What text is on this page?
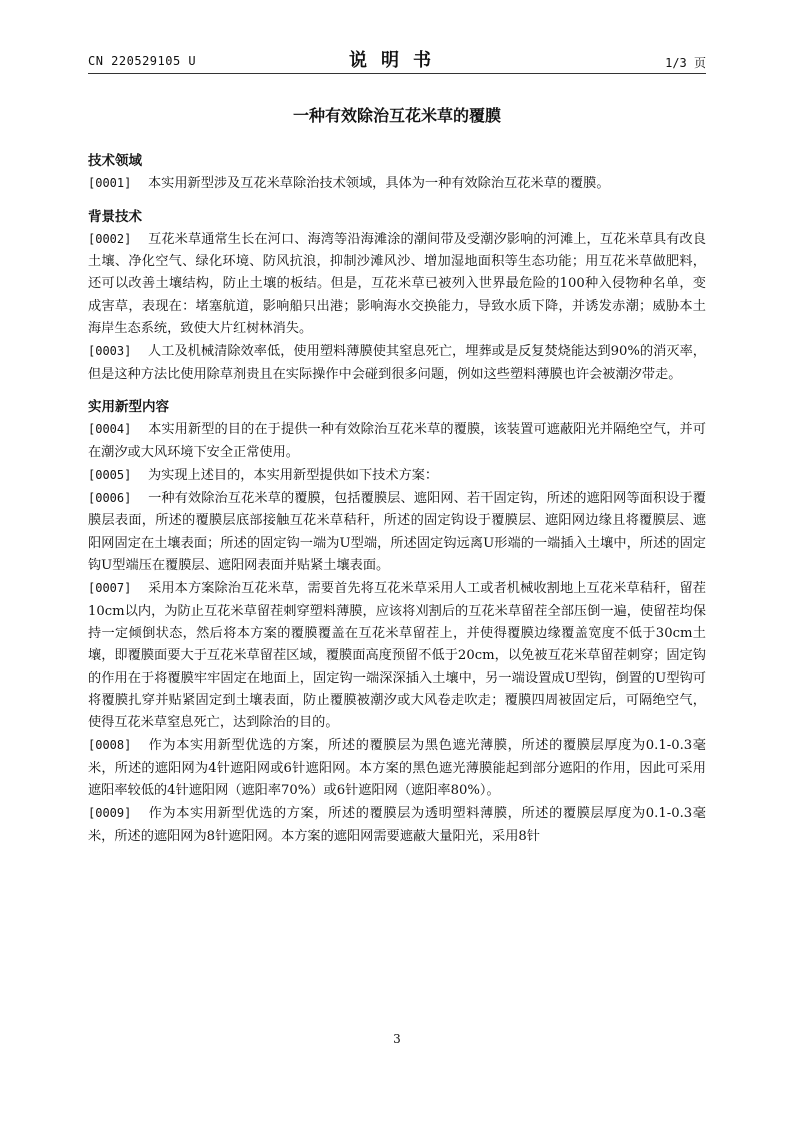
CN 220529105 U	说明书	1/3 页
一种有效除治互花米草的覆膜
技术领域

[0001] 本实用新型涉及互花米草除治技术领域，具体为一种有效除治互花米草的覆膜。

背景技术

[0002] 互花米草通常生长在河口、海湾等沿海滩涂的潮间带及受潮汐影响的河滩上，互花米草具有改良土壤、净化空气、绿化环境、防风抗浪，抑制沙滩风沙、增加湿地面积等生态功能；用互花米草做肥料，还可以改善土壤结构，防止土壤的板结。但是，互花米草已被列入世界最危险的100种入侵物种名单，变成害草，表现在：堵塞航道，影响船只出港；影响海水交换能力，导致水质下降，并诱发赤潮；威胁本土海岸生态系统，致使大片红树林消失。

[0003] 人工及机械清除效率低，使用塑料薄膜使其窒息死亡，埋葬或是反复焚烧能达到90%的消灭率，但是这种方法比使用除草剂贵且在实际操作中会碰到很多问题，例如这些塑料薄膜也许会被潮汐带走。

实用新型内容

[0004] 本实用新型的目的在于提供一种有效除治互花米草的覆膜，该装置可遮蔽阳光并隔绝空气，并可在潮汐或大风环境下安全正常使用。

[0005] 为实现上述目的，本实用新型提供如下技术方案：

[0006] 一种有效除治互花米草的覆膜，包括覆膜层、遮阳网、若干固定钩，所述的遮阳网等面积设于覆膜层表面，所述的覆膜层底部接触互花米草秸秆，所述的固定钩设于覆膜层、遮阳网边缘且将覆膜层、遮阳网固定在土壤表面；所述的固定钩一端为U型端，所述固定钩远离U形端的一端插入土壤中，所述的固定钩U型端压在覆膜层、遮阳网表面并贴紧土壤表面。

[0007] 采用本方案除治互花米草，需要首先将互花米草采用人工或者机械收割地上互花米草秸秆，留茬10cm以内，为防止互花米草留茬刺穿塑料薄膜，应该将刈割后的互花米草留茬全部压倒一遍，使留茬均保持一定倾倒状态，然后将本方案的覆膜覆盖在互花米草留茬上，并使得覆膜边缘覆盖宽度不低于30cm土壤，即覆膜面要大于互花米草留茬区域，覆膜面高度预留不低于20cm，以免被互花米草留茬刺穿；固定钩的作用在于将覆膜牢牢固定在地面上，固定钩一端深深插入土壤中，另一端设置成U型钩，倒置的U型钩可将覆膜扎穿并贴紧固定到土壤表面，防止覆膜被潮汐或大风卷走吹走；覆膜四周被固定后，可隔绝空气，使得互花米草窒息死亡，达到除治的目的。

[0008] 作为本实用新型优选的方案，所述的覆膜层为黑色遮光薄膜，所述的覆膜层厚度为0.1-0.3毫米，所述的遮阳网为4针遮阳网或6针遮阳网。本方案的黑色遮光薄膜能起到部分遮阳的作用，因此可采用遮阳率较低的4针遮阳网（遮阳率70%）或6针遮阳网（遮阳率80%）。

[0009] 作为本实用新型优选的方案，所述的覆膜层为透明塑料薄膜，所述的覆膜层厚度为0.1-0.3毫米，所述的遮阳网为8针遮阳网。本方案的遮阳网需要遮蔽大量阳光，采用8针

3
